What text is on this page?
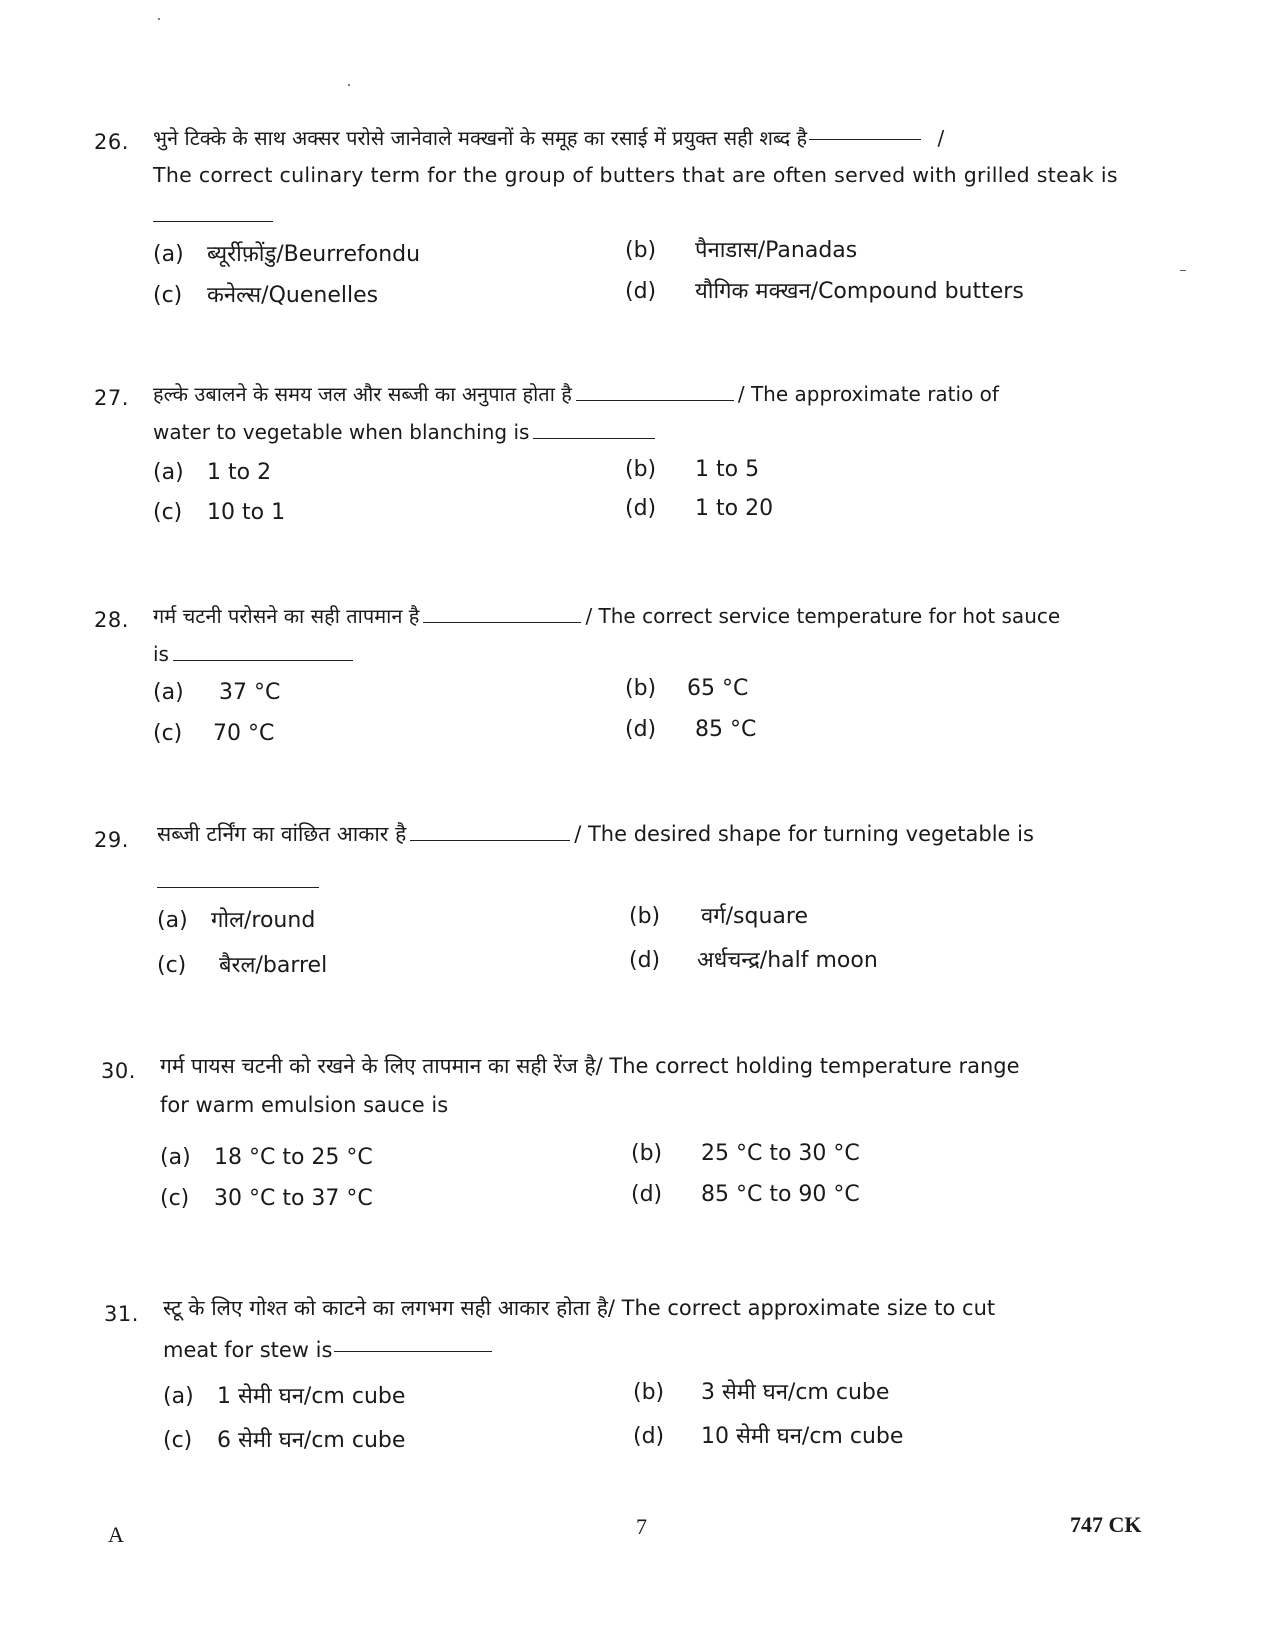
26. भुने टिक्के के साथ अक्सर परोसे जानेवाले मक्खनों के समूह का रसाई में प्रयुक्त सही शब्द है	/
The correct culinary term for the group of butters that are often served with grilled steak is
(a) ब्यूर्रीफ़ोंडु/Beurrefondu	(b) पैनाडास/Panadas
(c) कनेल्स/Quenelles	(d) यौगिक मक्खन/Compound butters
27. हल्के उबालने के समय जल और सब्जी का अनुपात होता है	/ The approximate ratio of
water to vegetable when blanching is
(a) 1 to 2	(b) 1 to 5
(c) 10 to 1	(d) 1 to 20
28. गर्म चटनी परोसने का सही तापमान है	/ The correct service temperature for hot sauce
is
(a) 37 °C	(b) 65 °C
(c) 70 °C	(d) 85 °C
29. सब्जी टर्निंग का वांछित आकार है	/ The desired shape for turning vegetable is
(a) गोल/round	(b) वर्ग/square
(c) बैरल/barrel	(d) अर्धचन्द्र/half moon
30. गर्म पायस चटनी को रखने के लिए तापमान का सही रेंज है/ The correct holding temperature range
for warm emulsion sauce is
(a) 18 °C to 25 °C	(b) 25 °C to 30 °C
(c) 30 °C to 37 °C	(d) 85 °C to 90 °C
31. स्टू के लिए गोश्त को काटने का लगभग सही आकार होता है/ The correct approximate size to cut
meat for stew is
(a) 1 सेमी घन/cm cube	(b) 3 सेमी घन/cm cube
(c) 6 सेमी घन/cm cube	(d) 10 सेमी घन/cm cube
A	7	747 CK
